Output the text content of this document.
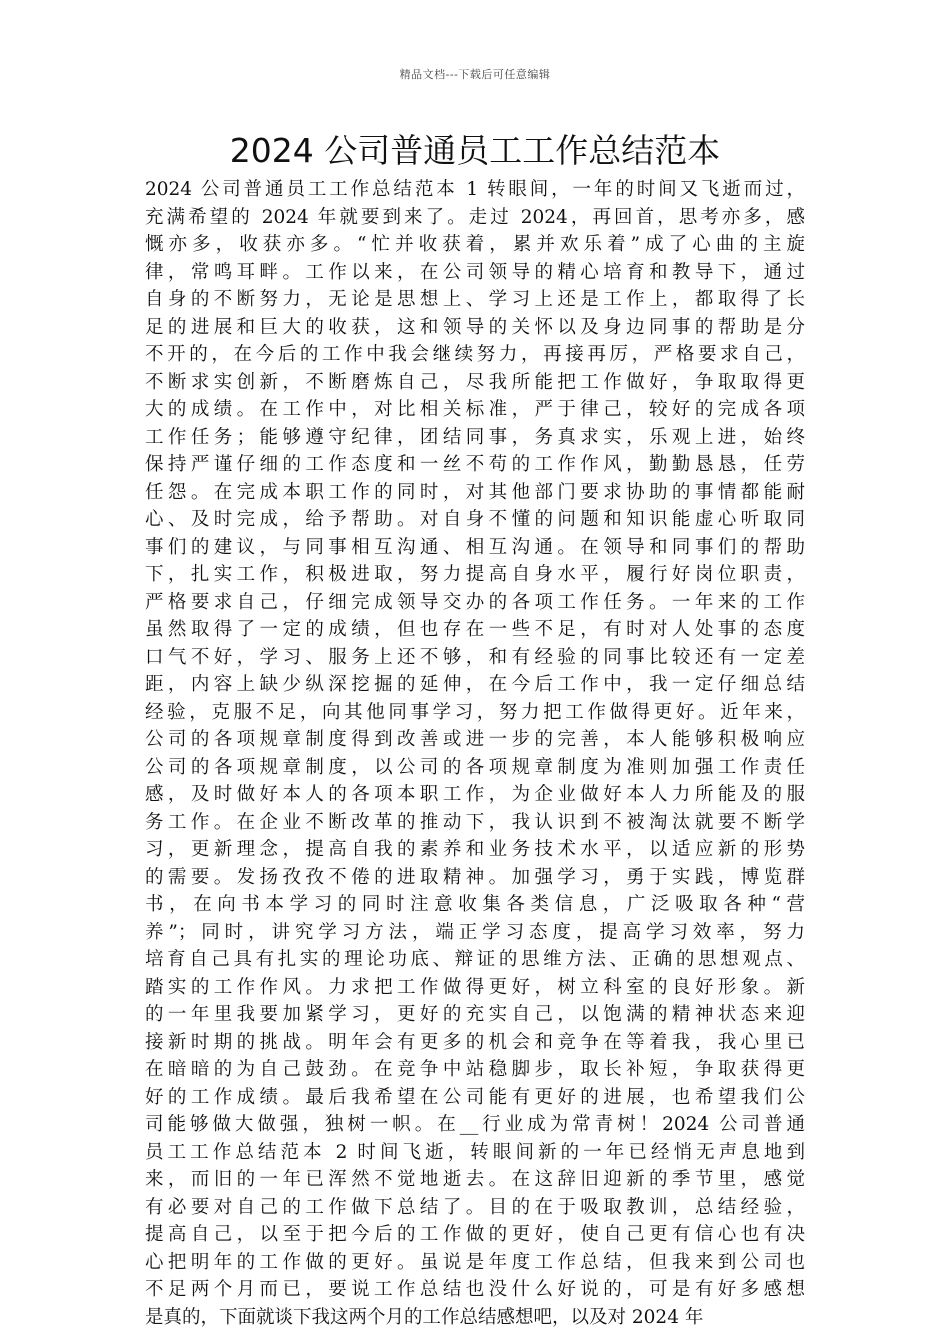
精品文档---下载后可任意编辑
2024 公司普通员工工作总结范本
2024 公司普通员工工作总结范本 1 转眼间，一年的时间又飞逝而过，
充满希望的 2024 年就要到来了。走过 2024，再回首，思考亦多，感
慨亦多，收获亦多。“忙并收获着，累并欢乐着”成了心曲的主旋
律，常鸣耳畔。工作以来，在公司领导的精心培育和教导下，通过
自身的不断努力，无论是思想上、学习上还是工作上，都取得了长
足的进展和巨大的收获，这和领导的关怀以及身边同事的帮助是分
不开的，在今后的工作中我会继续努力，再接再厉，严格要求自己，
不断求实创新，不断磨炼自己，尽我所能把工作做好，争取取得更
大的成绩。在工作中，对比相关标准，严于律己，较好的完成各项
工作任务；能够遵守纪律，团结同事，务真求实，乐观上进，始终
保持严谨仔细的工作态度和一丝不苟的工作作风，勤勤恳恳，任劳
任怨。在完成本职工作的同时，对其他部门要求协助的事情都能耐
心、及时完成，给予帮助。对自身不懂的问题和知识能虚心听取同
事们的建议，与同事相互沟通、相互沟通。在领导和同事们的帮助
下，扎实工作，积极进取，努力提高自身水平，履行好岗位职责，
严格要求自己，仔细完成领导交办的各项工作任务。一年来的工作
虽然取得了一定的成绩，但也存在一些不足，有时对人处事的态度
口气不好，学习、服务上还不够，和有经验的同事比较还有一定差
距，内容上缺少纵深挖掘的延伸，在今后工作中，我一定仔细总结
经验，克服不足，向其他同事学习，努力把工作做得更好。近年来，
公司的各项规章制度得到改善或进一步的完善，本人能够积极响应
公司的各项规章制度，以公司的各项规章制度为准则加强工作责任
感，及时做好本人的各项本职工作，为企业做好本人力所能及的服
务工作。在企业不断改革的推动下，我认识到不被淘汰就要不断学
习，更新理念，提高自我的素养和业务技术水平，以适应新的形势
的需要。发扬孜孜不倦的进取精神。加强学习，勇于实践，博览群
书，在向书本学习的同时注意收集各类信息，广泛吸取各种“营
养”；同时，讲究学习方法，端正学习态度，提高学习效率，努力
培育自己具有扎实的理论功底、辩证的思维方法、正确的思想观点、
踏实的工作作风。力求把工作做得更好，树立科室的良好形象。新
的一年里我要加紧学习，更好的充实自己，以饱满的精神状态来迎
接新时期的挑战。明年会有更多的机会和竞争在等着我，我心里已
在暗暗的为自己鼓劲。在竞争中站稳脚步，取长补短，争取获得更
好的工作成绩。最后我希望在公司能有更好的进展，也希望我们公
司能够做大做强，独树一帜。在__行业成为常青树！2024 公司普通
员工工作总结范本 2 时间飞逝，转眼间新的一年已经悄无声息地到
来，而旧的一年已浑然不觉地逝去。在这辞旧迎新的季节里，感觉
有必要对自己的工作做下总结了。目的在于吸取教训，总结经验，
提高自己，以至于把今后的工作做的更好，使自己更有信心也有决
心把明年的工作做的更好。虽说是年度工作总结，但我来到公司也
不足两个月而已，要说工作总结也没什么好说的，可是有好多感想
是真的，下面就谈下我这两个月的工作总结感想吧，以及对 2024 年
